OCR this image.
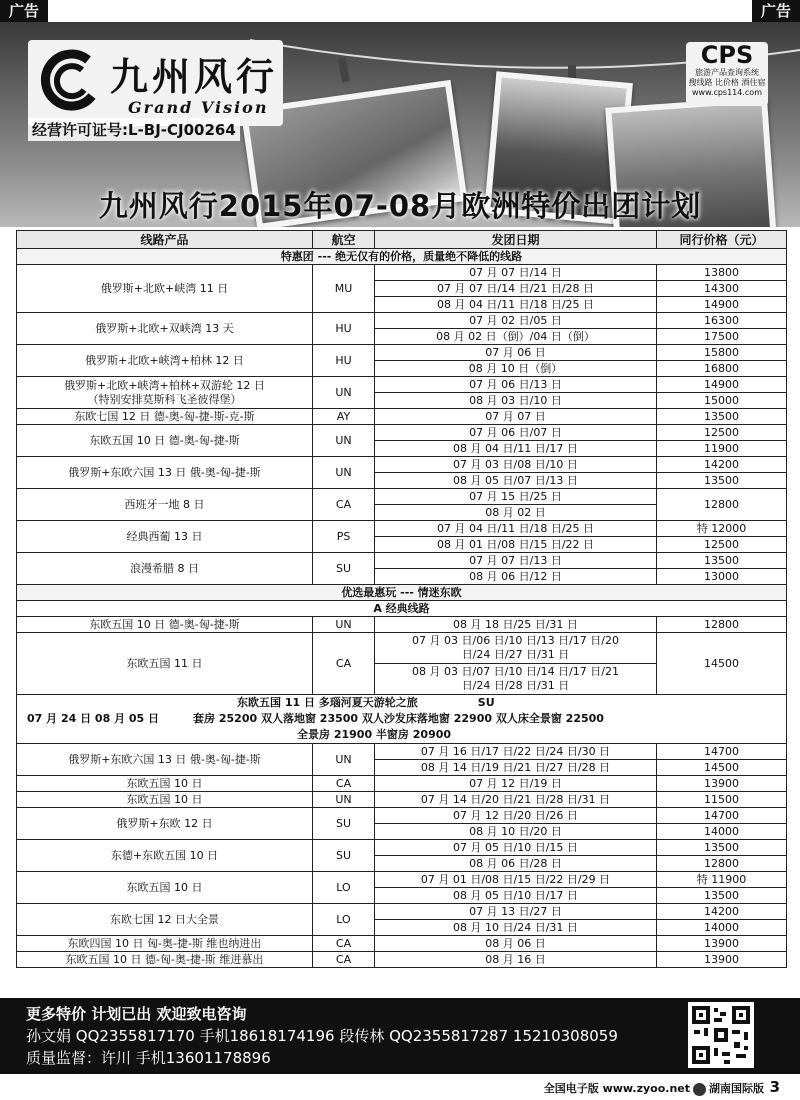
广告	广告
九州风行
Grand Vision
经营许可证号:L-BJ-CJ00264
CPS
旅游产品查询系统
搜线路 比价格 酒住宿
www.cps114.com
九州风行2015年07-08月欧洲特价出团计划
线路产品	航空	发团日期	同行价格（元）
特惠团 --- 绝无仅有的价格，质量绝不降低的线路			
俄罗斯+北欧+峡湾 11 日	MU	07 月 07 日/14 日	13800
		07 月 07 日/14 日/21 日/28 日	14300
		08 月 04 日/11 日/18 日/25 日	14900
俄罗斯+北欧+双峡湾 13 天	HU	07 月 02 日/05 日	16300
		08 月 02 日（倒）/04 日（倒）	17500
俄罗斯+北欧+峡湾+柏林 12 日	HU	07 月 06 日	15800
		08 月 10 日（倒）	16800
俄罗斯+北欧+峡湾+柏林+双游轮 12 日
（特别安排莫斯科飞圣彼得堡）	UN	07 月 06 日/13 日	14900
		08 月 03 日/10 日	15000
东欧七国 12 日 德-奥-匈-捷-斯-克-斯	AY	07 月 07 日	13500
东欧五国 10 日 德-奥-匈-捷-斯	UN	07 月 06 日/07 日	12500
		08 月 04 日/11 日/17 日	11900
俄罗斯+东欧六国 13 日 俄-奥-匈-捷-斯	UN	07 月 03 日/08 日/10 日	14200
		08 月 05 日/07 日/13 日	13500
西班牙一地 8 日	CA	07 月 15 日/25 日	12800
		08 月 02 日	
经典西葡 13 日	PS	07 月 04 日/11 日/18 日/25 日	特 12000
		08 月 01 日/08 日/15 日/22 日	12500
浪漫希腊 8 日	SU	07 月 07 日/13 日	13500
		08 月 06 日/12 日	13000
优选最惠玩 --- 情迷东欧			
A 经典线路			
东欧五国 10 日 德-奥-匈-捷-斯	UN	08 月 18 日/25 日/31 日	12800
东欧五国 11 日	CA	07 月 03 日/06 日/10 日/13 日/17 日/20
日/24 日/27 日/31 日	14500
		08 月 03 日/07 日/10 日/14 日/17 日/21
日/24 日/28 日/31 日	

东欧五国 11 日 多瑙河夏天游轮之旅 SU
07 月 24 日 08 月 05 日 套房 25200 双人落地窗 23500 双人沙发床落地窗 22900 双人床全景窗 22500
全景房 21900 半窗房 20900			

俄罗斯+东欧六国 13 日 俄-奥-匈-捷-斯	UN	07 月 16 日/17 日/22 日/24 日/30 日	14700
		08 月 14 日/19 日/21 日/27 日/28 日	14500
东欧五国 10 日	CA	07 月 12 日/19 日	13900
东欧五国 10 日	UN	07 月 14 日/20 日/21 日/28 日/31 日	11500
俄罗斯+东欧 12 日	SU	07 月 12 日/20 日/26 日	14700
		08 月 10 日/20 日	14000
东德+东欧五国 10 日	SU	07 月 05 日/10 日/15 日	13500
		08 月 06 日/28 日	12800
东欧五国 10 日	LO	07 月 01 日/08 日/15 日/22 日/29 日	特 11900
		08 月 05 日/10 日/17 日	13500
东欧七国 12 日大全景	LO	07 月 13 日/27 日	14200
		08 月 10 日/24 日/31 日	14000
东欧四国 10 日 匈-奥-捷-斯 维也纳进出	CA	08 月 06 日	13900
东欧五国 10 日 德-匈-奥-捷-斯 维进慕出	CA	08 月 16 日	13900
更多特价 计划已出 欢迎致电咨询
孙文娟 QQ2355817170 手机18618174196 段传林 QQ2355817287 15210308059
质量监督：许川 手机13601178896
全国电子版 www.zyoo.net 湖南国际版 3
